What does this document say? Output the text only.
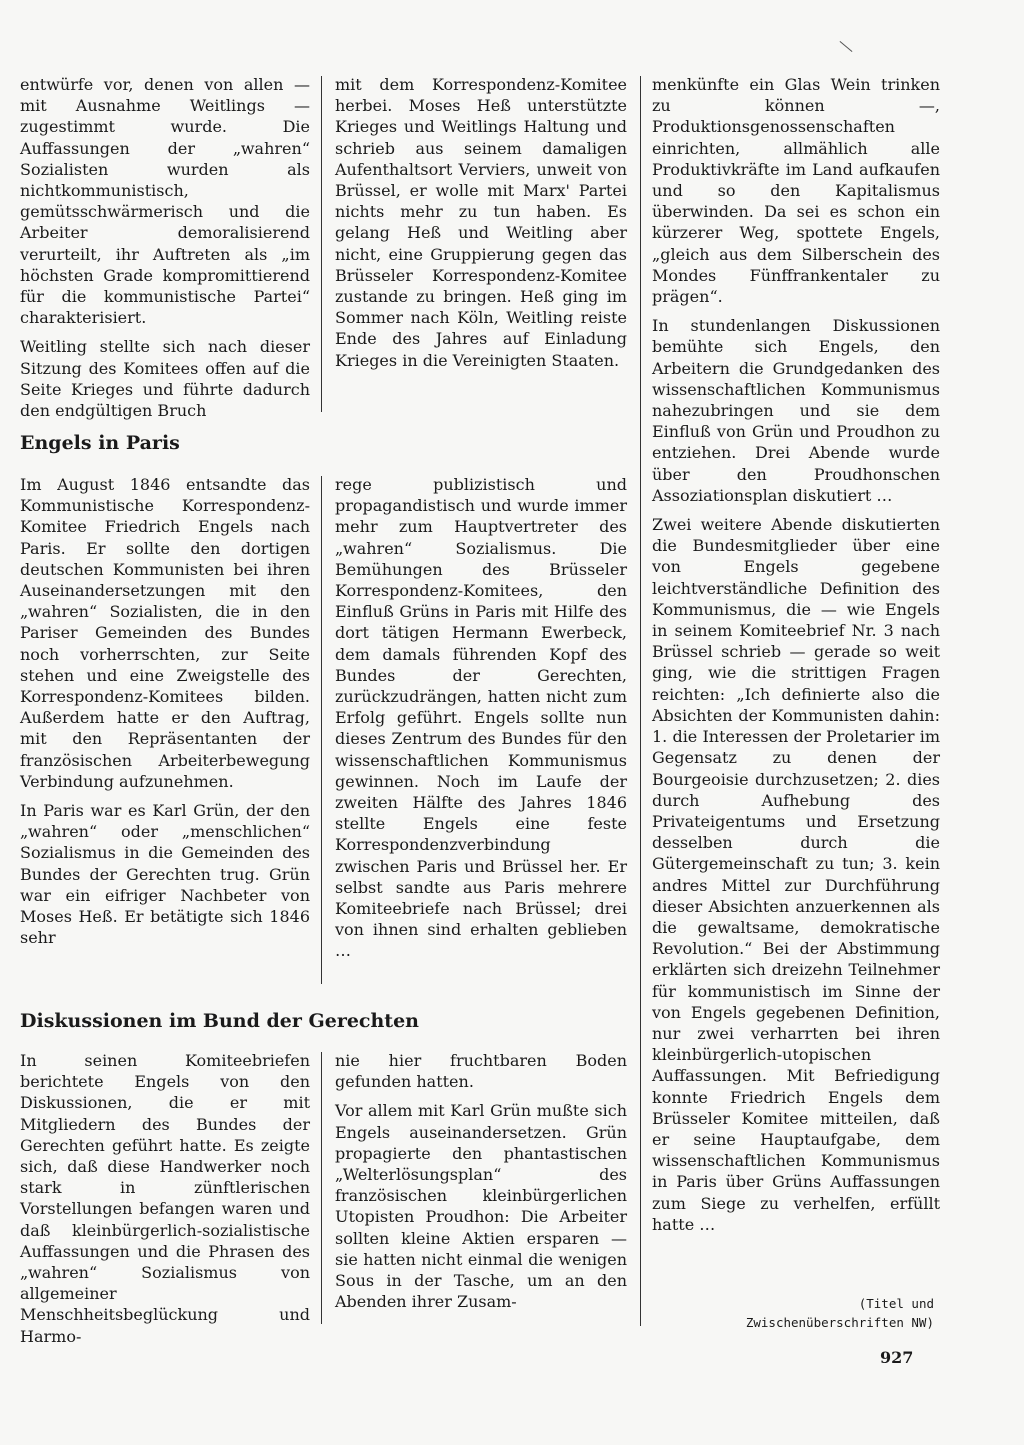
entwürfe vor, denen von allen — mit Ausnahme Weitlings — zugestimmt wurde. Die Auffassungen der „wahren“ Sozialisten wurden als nichtkommunistisch, gemütsschwärmerisch und die Arbeiter demoralisierend verurteilt, ihr Auftreten als „im höchsten Grade kompromittierend für die kommunistische Partei“ charakterisiert.

Weitling stellte sich nach dieser Sitzung des Komitees offen auf die Seite Krieges und führte dadurch den endgültigen Bruch

mit dem Korrespondenz-Komitee herbei. Moses Heß unterstützte Krieges und Weitlings Haltung und schrieb aus seinem damaligen Aufenthaltsort Verviers, unweit von Brüssel, er wolle mit Marx' Partei nichts mehr zu tun haben. Es gelang Heß und Weitling aber nicht, eine Gruppierung gegen das Brüsseler Korrespondenz-Komitee zustande zu bringen. Heß ging im Sommer nach Köln, Weitling reiste Ende des Jahres auf Einladung Krieges in die Vereinigten Staaten.

Engels in Paris

Im August 1846 entsandte das Kommunistische Korrespondenz-Komitee Friedrich Engels nach Paris. Er sollte den dortigen deutschen Kommunisten bei ihren Auseinandersetzungen mit den „wahren“ Sozialisten, die in den Pariser Gemeinden des Bundes noch vorherrschten, zur Seite stehen und eine Zweigstelle des Korrespondenz-Komitees bilden. Außerdem hatte er den Auftrag, mit den Repräsentanten der französischen Arbeiterbewegung Verbindung aufzunehmen.

In Paris war es Karl Grün, der den „wahren“ oder „menschlichen“ Sozialismus in die Gemeinden des Bundes der Gerechten trug. Grün war ein eifriger Nachbeter von Moses Heß. Er betätigte sich 1846 sehr

rege publizistisch und propagandistisch und wurde immer mehr zum Hauptvertreter des „wahren“ Sozialismus. Die Bemühungen des Brüsseler Korrespondenz-Komitees, den Einfluß Grüns in Paris mit Hilfe des dort tätigen Hermann Ewerbeck, dem damals führenden Kopf des Bundes der Gerechten, zurückzudrängen, hatten nicht zum Erfolg geführt. Engels sollte nun dieses Zentrum des Bundes für den wissenschaftlichen Kommunismus gewinnen. Noch im Laufe der zweiten Hälfte des Jahres 1846 stellte Engels eine feste Korrespondenzverbindung zwischen Paris und Brüssel her. Er selbst sandte aus Paris mehrere Komiteebriefe nach Brüssel; drei von ihnen sind erhalten geblieben …

Diskussionen im Bund der Gerechten

In seinen Komiteebriefen berichtete Engels von den Diskussionen, die er mit Mitgliedern des Bundes der Gerechten geführt hatte. Es zeigte sich, daß diese Handwerker noch stark in zünftlerischen Vorstellungen befangen waren und daß kleinbürgerlich-sozialistische Auffassungen und die Phrasen des „wahren“ Sozialismus von allgemeiner Menschheitsbeglückung und Harmo-

nie hier fruchtbaren Boden gefunden hatten.

Vor allem mit Karl Grün mußte sich Engels auseinandersetzen. Grün propagierte den phantastischen „Welterlösungsplan“ des französischen kleinbürgerlichen Utopisten Proudhon: Die Arbeiter sollten kleine Aktien ersparen — sie hatten nicht einmal die wenigen Sous in der Tasche, um an den Abenden ihrer Zusam-

menkünfte ein Glas Wein trinken zu können —, Produktionsgenossenschaften einrichten, allmählich alle Produktivkräfte im Land aufkaufen und so den Kapitalismus überwinden. Da sei es schon ein kürzerer Weg, spottete Engels, „gleich aus dem Silberschein des Mondes Fünffrankentaler zu prägen“.

In stundenlangen Diskussionen bemühte sich Engels, den Arbeitern die Grundgedanken des wissenschaftlichen Kommunismus nahezubringen und sie dem Einfluß von Grün und Proudhon zu entziehen. Drei Abende wurde über den Proudhonschen Assoziationsplan diskutiert …

Zwei weitere Abende diskutierten die Bundesmitglieder über eine von Engels gegebene leichtverständliche Definition des Kommunismus, die — wie Engels in seinem Komiteebrief Nr. 3 nach Brüssel schrieb — gerade so weit ging, wie die strittigen Fragen reichten: „Ich definierte also die Absichten der Kommunisten dahin: 1. die Interessen der Proletarier im Gegensatz zu denen der Bourgeoisie durchzusetzen; 2. dies durch Aufhebung des Privateigentums und Ersetzung desselben durch die Gütergemeinschaft zu tun; 3. kein andres Mittel zur Durchführung dieser Absichten anzuerkennen als die gewaltsame, demokratische Revolution.“ Bei der Abstimmung erklärten sich dreizehn Teilnehmer für kommunistisch im Sinne der von Engels gegebenen Definition, nur zwei verharrten bei ihren kleinbürgerlich-utopischen Auffassungen. Mit Befriedigung konnte Friedrich Engels dem Brüsseler Komitee mitteilen, daß er seine Hauptaufgabe, dem wissenschaftlichen Kommunismus in Paris über Grüns Auffassungen zum Siege zu verhelfen, erfüllt hatte …

(Titel und
Zwischenüberschriften NW)
927
